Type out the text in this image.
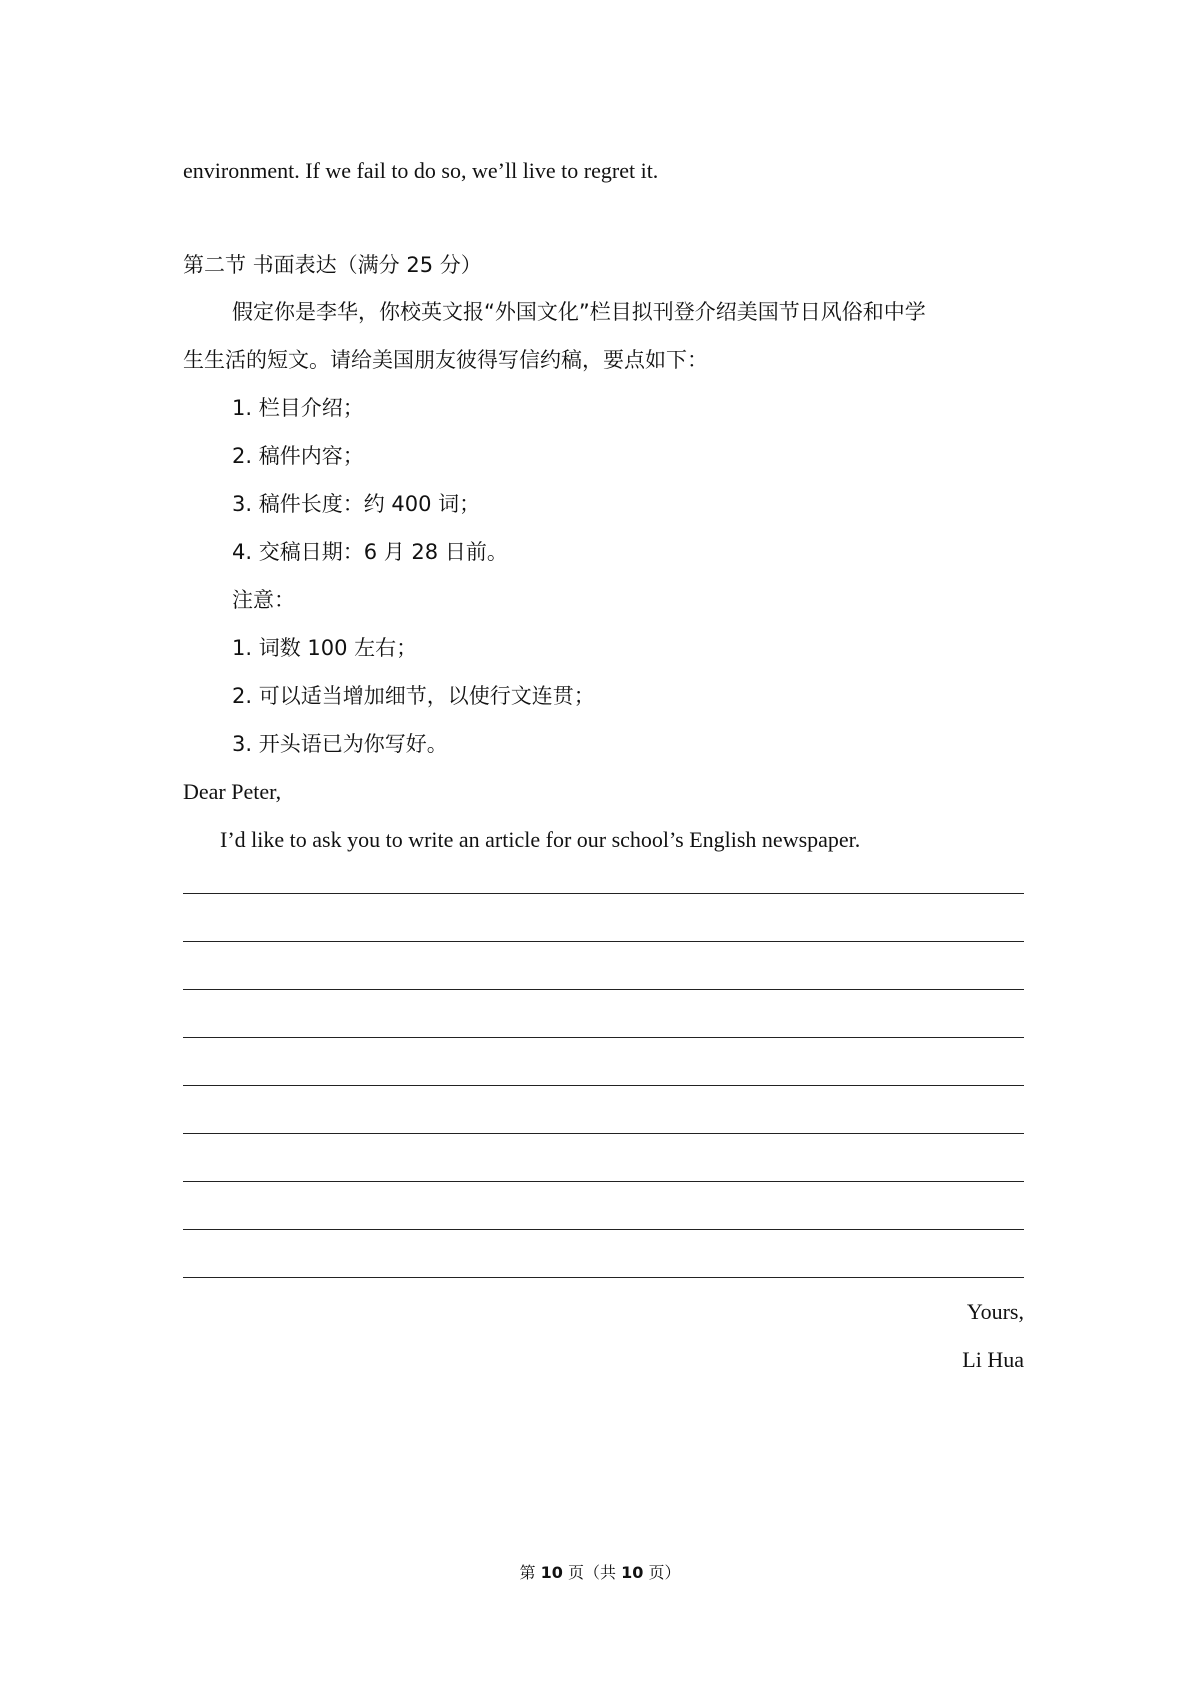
environment. If we fail to do so, we’ll live to regret it.
第二节 书面表达（满分 25 分）
假定你是李华，你校英文报“外国文化”栏目拟刊登介绍美国节日风俗和中学
生生活的短文。请给美国朋友彼得写信约稿，要点如下：
1. 栏目介绍；
2. 稿件内容；
3. 稿件长度：约 400 词；
4. 交稿日期：6 月 28 日前。
注意：
1. 词数 100 左右；
2. 可以适当增加细节，以使行文连贯；
3. 开头语已为你写好。
Dear Peter,
I’d like to ask you to write an article for our school’s English newspaper.
Yours,
Li Hua
第 10 页（共 10 页）
